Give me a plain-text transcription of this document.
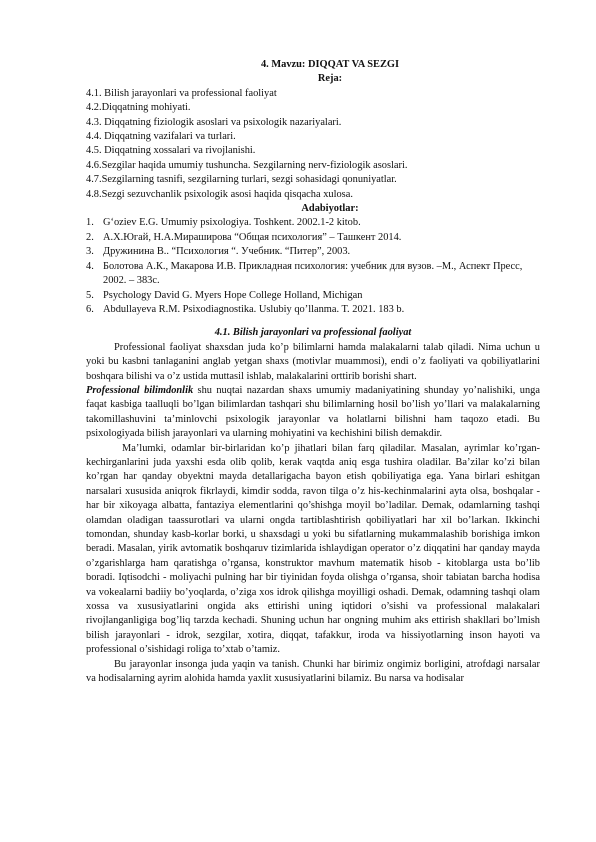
4. Mavzu: DIQQAT VA SEZGI
Reja:
4.1. Bilish jarayonlari va professional faoliyat
4.2.Diqqatning mohiyati.
4.3. Diqqatning fiziologik asoslari va psixologik nazariyalari.
4.4. Diqqatning vazifalari va turlari.
4.5. Diqqatning xossalari va rivojlanishi.
4.6.Sezgilar haqida umumiy tushuncha. Sezgilarning nerv-fiziologik asoslari.
4.7.Sezgilarning tasnifi, sezgilarning turlari, sezgi sohasidagi qonuniyatlar.
4.8.Sezgi sezuvchanlik psixologik asosi haqida qisqacha xulosa.
Adabiyotlar:
1. G‘oziev E.G. Umumiy psixologiya. Toshkent. 2002.1-2 kitob.
2. А.Х.Югай, Н.А.Миpашиpова “Общая психология” – Ташкент 2014.
3. Дружинина В.. “Психология “. Учебник. “Питер”, 2003.
4. Болотова А.К., Макарова И.В. Прикладная психология: учебник для вузов. –М., Аспект Пресс, 2002. – 383с.
5. Psychology David G. Myers Hope College Holland, Michigan
6. Abdullayeva R.M. Psixodiagnostika. Uslubiy qo’llanma. T. 2021. 183 b.
4.1. Bilish jarayonlari va professional faoliyat

Professional faoliyat shaxsdan juda ko’p bilimlarni hamda malakalarni talab qiladi. Nima uchun u yoki bu kasbni tanlaganini anglab yetgan shaxs (motivlar muammosi), endi o’z faoliyati va qobiliyatlarini boshqara bilishi va o’z ustida muttasil ishlab, malakalarini orttirib borishi shart.

Professional bilimdonlik shu nuqtai nazardan shaxs umumiy madaniyatining shunday yo’nalishiki, unga faqat kasbiga taalluqli bo’lgan bilimlardan tashqari shu bilimlarning hosil bo’lish yo’llari va malakalarning takomillashuvini ta’minlovchi psixologik jarayonlar va holatlarni bilishni ham taqozo etadi. Bu psixologiyada bilish jarayonlari va ularning mohiyatini va kechishini bilish demakdir.

Ma’lumki, odamlar bir-birlaridan ko’p jihatlari bilan farq qiladilar. Masalan, ayrimlar ko’rgan-kechirganlarini juda yaxshi esda olib qolib, kerak vaqtda aniq esga tushira oladilar. Ba’zilar ko’zi bilan ko’rgan har qanday obyektni mayda detallarigacha bayon etish qobiliyatiga ega. Yana birlari eshitgan narsalari xususida aniqrok fikrlaydi, kimdir sodda, ravon tilga o’z his-kechinmalarini ayta olsa, boshqalar - har bir xikoyaga albatta, fantaziya elementlarini qo’shishga moyil bo’ladilar. Demak, odamlarning tashqi olamdan oladigan taassurotlari va ularni ongda tartiblashtirish qobiliyatlari har xil bo’larkan. Ikkinchi tomondan, shunday kasb-korlar borki, u shaxsdagi u yoki bu sifatlarning mukammalashib borishiga imkon beradi. Masalan, yirik avtomatik boshqaruv tizimlarida ishlaydigan operator o’z diqqatini har qanday mayda o’zgarishlarga ham qaratishga o’rgansa, konstruktor mavhum matematik hisob - kitoblarga usta bo’lib boradi. Iqtisodchi - moliyachi pulning har bir tiyinidan foyda olishga o’rgansa, shoir tabiatan barcha hodisa va vokealarni badiiy bo’yoqlarda, o’ziga xos idrok qilishga moyilligi oshadi. Demak, odamning tashqi olam xossa va xususiyatlarini ongida aks ettirishi uning iqtidori o’sishi va professional malakalari rivojlanganligiga bog’liq tarzda kechadi. Shuning uchun har ongning muhim aks ettirish shakllari bo’lmish bilish jarayonlari - idrok, sezgilar, xotira, diqqat, tafakkur, iroda va hissiyotlarning inson hayoti va professional o’sishidagi roliga to’xtab o’tamiz.

Bu jarayonlar insonga juda yaqin va tanish. Chunki har birimiz ongimiz borligini, atrofdagi narsalar va hodisalarning ayrim alohida hamda yaxlit xususiyatlarini bilamiz. Bu narsa va hodisalar
